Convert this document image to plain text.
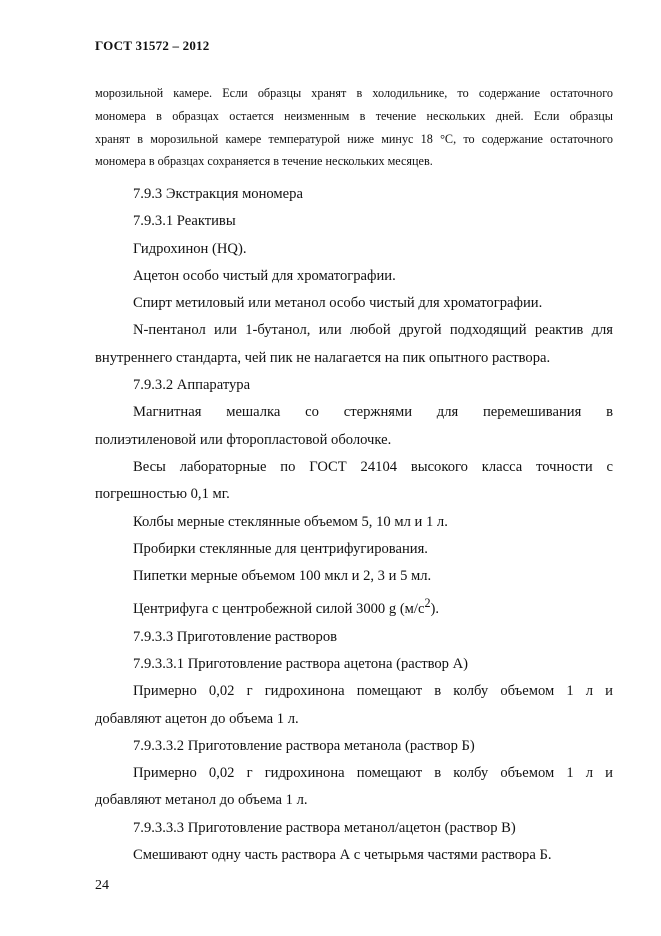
ГОСТ 31572 – 2012
морозильной камере. Если образцы хранят в холодильнике, то содержание остаточного
мономера в образцах остается неизменным в течение нескольких дней. Если образцы
хранят в морозильной камере температурой ниже минус 18 °C, то содержание остаточного
мономера в образцах сохраняется в течение нескольких месяцев.

7.9.3 Экстракция мономера

7.9.3.1 Реактивы

Гидрохинон (HQ).

Ацетон особо чистый для хроматографии.

Спирт метиловый или метанол особо чистый для хроматографии.

N-пентанол или 1-бутанол, или любой другой подходящий реактив для

внутреннего стандарта, чей пик не налагается на пик опытного раствора.

7.9.3.2 Аппаратура

Магнитная мешалка со стержнями для перемешивания в

полиэтиленовой или фторопластовой оболочке.

Весы лабораторные по ГОСТ 24104 высокого класса точности с

погрешностью 0,1 мг.

Колбы мерные стеклянные объемом 5, 10 мл и 1 л.

Пробирки стеклянные для центрифугирования.

Пипетки мерные объемом 100 мкл и 2, 3 и 5 мл.

Центрифуга с центробежной силой 3000 g $(м/с^2)$.

7.9.3.3 Приготовление растворов

7.9.3.3.1 Приготовление раствора ацетона (раствор А)

Примерно 0,02 г гидрохинона помещают в колбу объемом 1 л и

добавляют ацетон до объема 1 л.

7.9.3.3.2 Приготовление раствора метанола (раствор Б)

Примерно 0,02 г гидрохинона помещают в колбу объемом 1 л и

добавляют метанол до объема 1 л.

7.9.3.3.3 Приготовление раствора метанол/ацетон (раствор В)

Смешивают одну часть раствора А с четырьмя частями раствора Б.

24
